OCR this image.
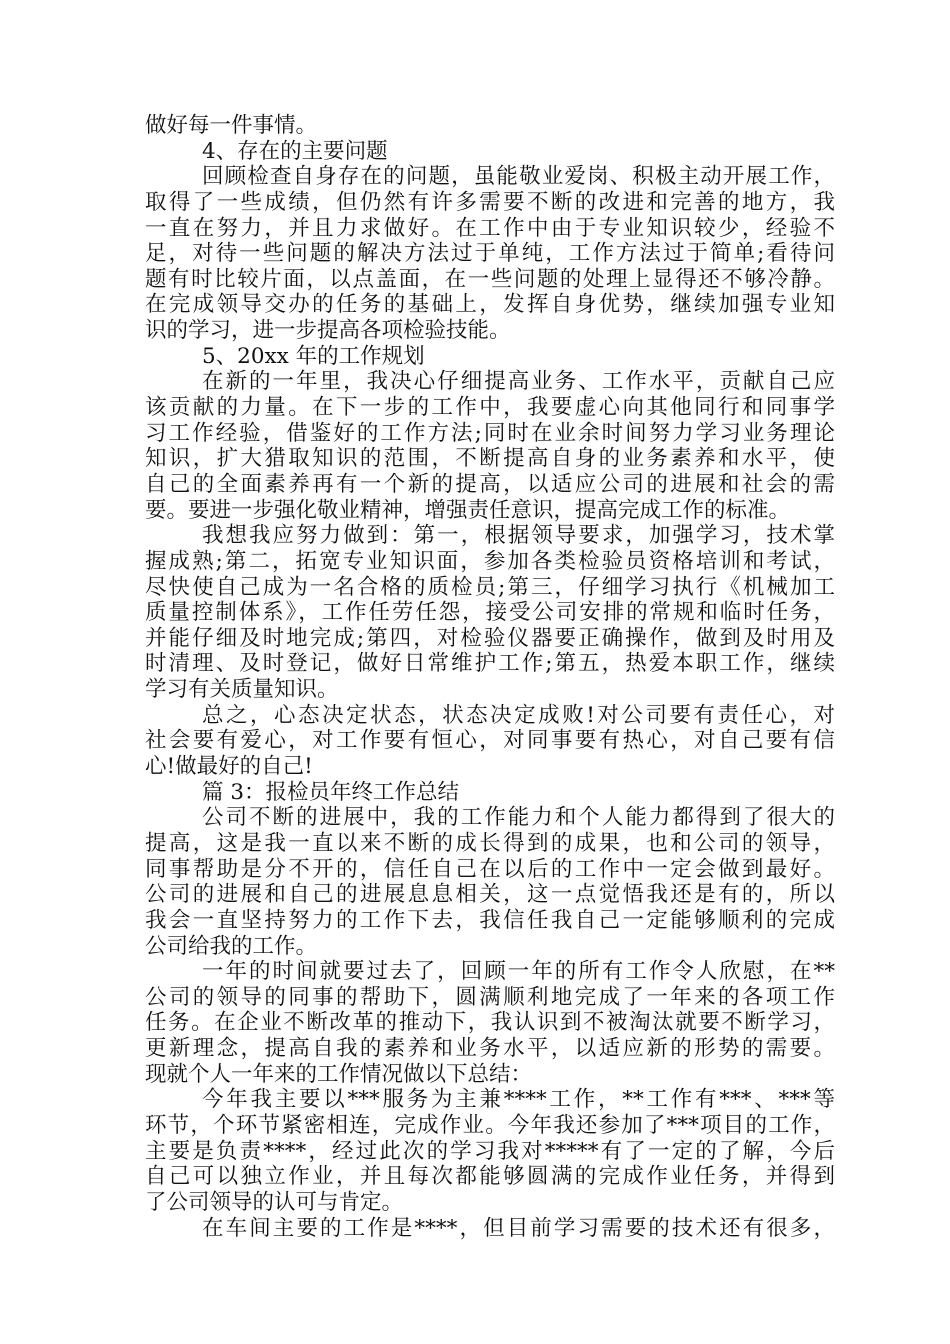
做好每一件事情。
4、存在的主要问题
回顾检查自身存在的问题，虽能敬业爱岗、积极主动开展工作，
取得了一些成绩，但仍然有许多需要不断的改进和完善的地方，我
一直在努力，并且力求做好。在工作中由于专业知识较少，经验不
足，对待一些问题的解决方法过于单纯，工作方法过于简单;看待问
题有时比较片面，以点盖面，在一些问题的处理上显得还不够冷静。
在完成领导交办的任务的基础上，发挥自身优势，继续加强专业知
识的学习，进一步提高各项检验技能。
5、20xx 年的工作规划
在新的一年里，我决心仔细提高业务、工作水平，贡献自己应
该贡献的力量。在下一步的工作中，我要虚心向其他同行和同事学
习工作经验，借鉴好的工作方法;同时在业余时间努力学习业务理论
知识，扩大猎取知识的范围，不断提高自身的业务素养和水平，使
自己的全面素养再有一个新的提高，以适应公司的进展和社会的需
要。要进一步强化敬业精神，增强责任意识，提高完成工作的标准。
我想我应努力做到：第一，根据领导要求，加强学习，技术掌
握成熟;第二，拓宽专业知识面，参加各类检验员资格培训和考试，
尽快使自己成为一名合格的质检员;第三，仔细学习执行《机械加工
质量控制体系》，工作任劳任怨，接受公司安排的常规和临时任务，
并能仔细及时地完成;第四，对检验仪器要正确操作，做到及时用及
时清理、及时登记，做好日常维护工作;第五，热爱本职工作，继续
学习有关质量知识。
总之，心态决定状态，状态决定成败!对公司要有责任心，对
社会要有爱心，对工作要有恒心，对同事要有热心，对自己要有信
心!做最好的自己!
篇 3：报检员年终工作总结
公司不断的进展中，我的工作能力和个人能力都得到了很大的
提高，这是我一直以来不断的成长得到的成果，也和公司的领导，
同事帮助是分不开的，信任自己在以后的工作中一定会做到最好。
公司的进展和自己的进展息息相关，这一点觉悟我还是有的，所以
我会一直坚持努力的工作下去，我信任我自己一定能够顺利的完成
公司给我的工作。
一年的时间就要过去了，回顾一年的所有工作令人欣慰，在**
公司的领导的同事的帮助下，圆满顺利地完成了一年来的各项工作
任务。在企业不断改革的推动下，我认识到不被淘汰就要不断学习，
更新理念，提高自我的素养和业务水平，以适应新的形势的需要。
现就个人一年来的工作情况做以下总结：
今年我主要以***服务为主兼****工作，**工作有***、***等
环节，个环节紧密相连，完成作业。今年我还参加了***项目的工作，
主要是负责****，经过此次的学习我对*****有了一定的了解，今后
自己可以独立作业，并且每次都能够圆满的完成作业任务，并得到
了公司领导的认可与肯定。
在车间主要的工作是****，但目前学习需要的技术还有很多，
